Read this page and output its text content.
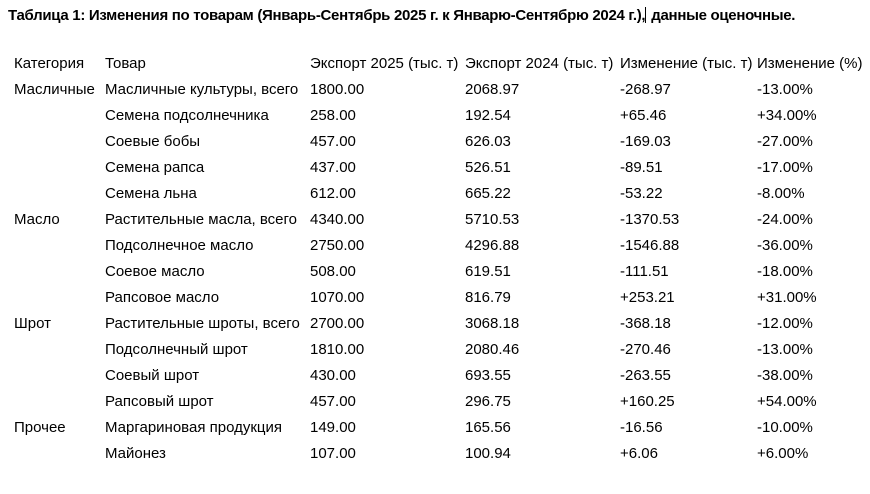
Таблица 1: Изменения по товарам (Январь-Сентябрь 2025 г. к Январю-Сентябрю 2024 г.), данные оценочные.

Категория	Товар	Экспорт 2025 (тыс. т)	Экспорт 2024 (тыс. т)	Изменение (тыс. т)	Изменение (%)
Масличные	Масличные культуры, всего	1800.00	2068.97	-268.97	-13.00%
	Семена подсолнечника	258.00	192.54	+65.46	+34.00%
	Соевые бобы	457.00	626.03	-169.03	-27.00%
	Семена рапса	437.00	526.51	-89.51	-17.00%
	Семена льна	612.00	665.22	-53.22	-8.00%
Масло	Растительные масла, всего	4340.00	5710.53	-1370.53	-24.00%
	Подсолнечное масло	2750.00	4296.88	-1546.88	-36.00%
	Соевое масло	508.00	619.51	-111.51	-18.00%
	Рапсовое масло	1070.00	816.79	+253.21	+31.00%
Шрот	Растительные шроты, всего	2700.00	3068.18	-368.18	-12.00%
	Подсолнечный шрот	1810.00	2080.46	-270.46	-13.00%
	Соевый шрот	430.00	693.55	-263.55	-38.00%
	Рапсовый шрот	457.00	296.75	+160.25	+54.00%
Прочее	Маргариновая продукция	149.00	165.56	-16.56	-10.00%
	Майонез	107.00	100.94	+6.06	+6.00%
